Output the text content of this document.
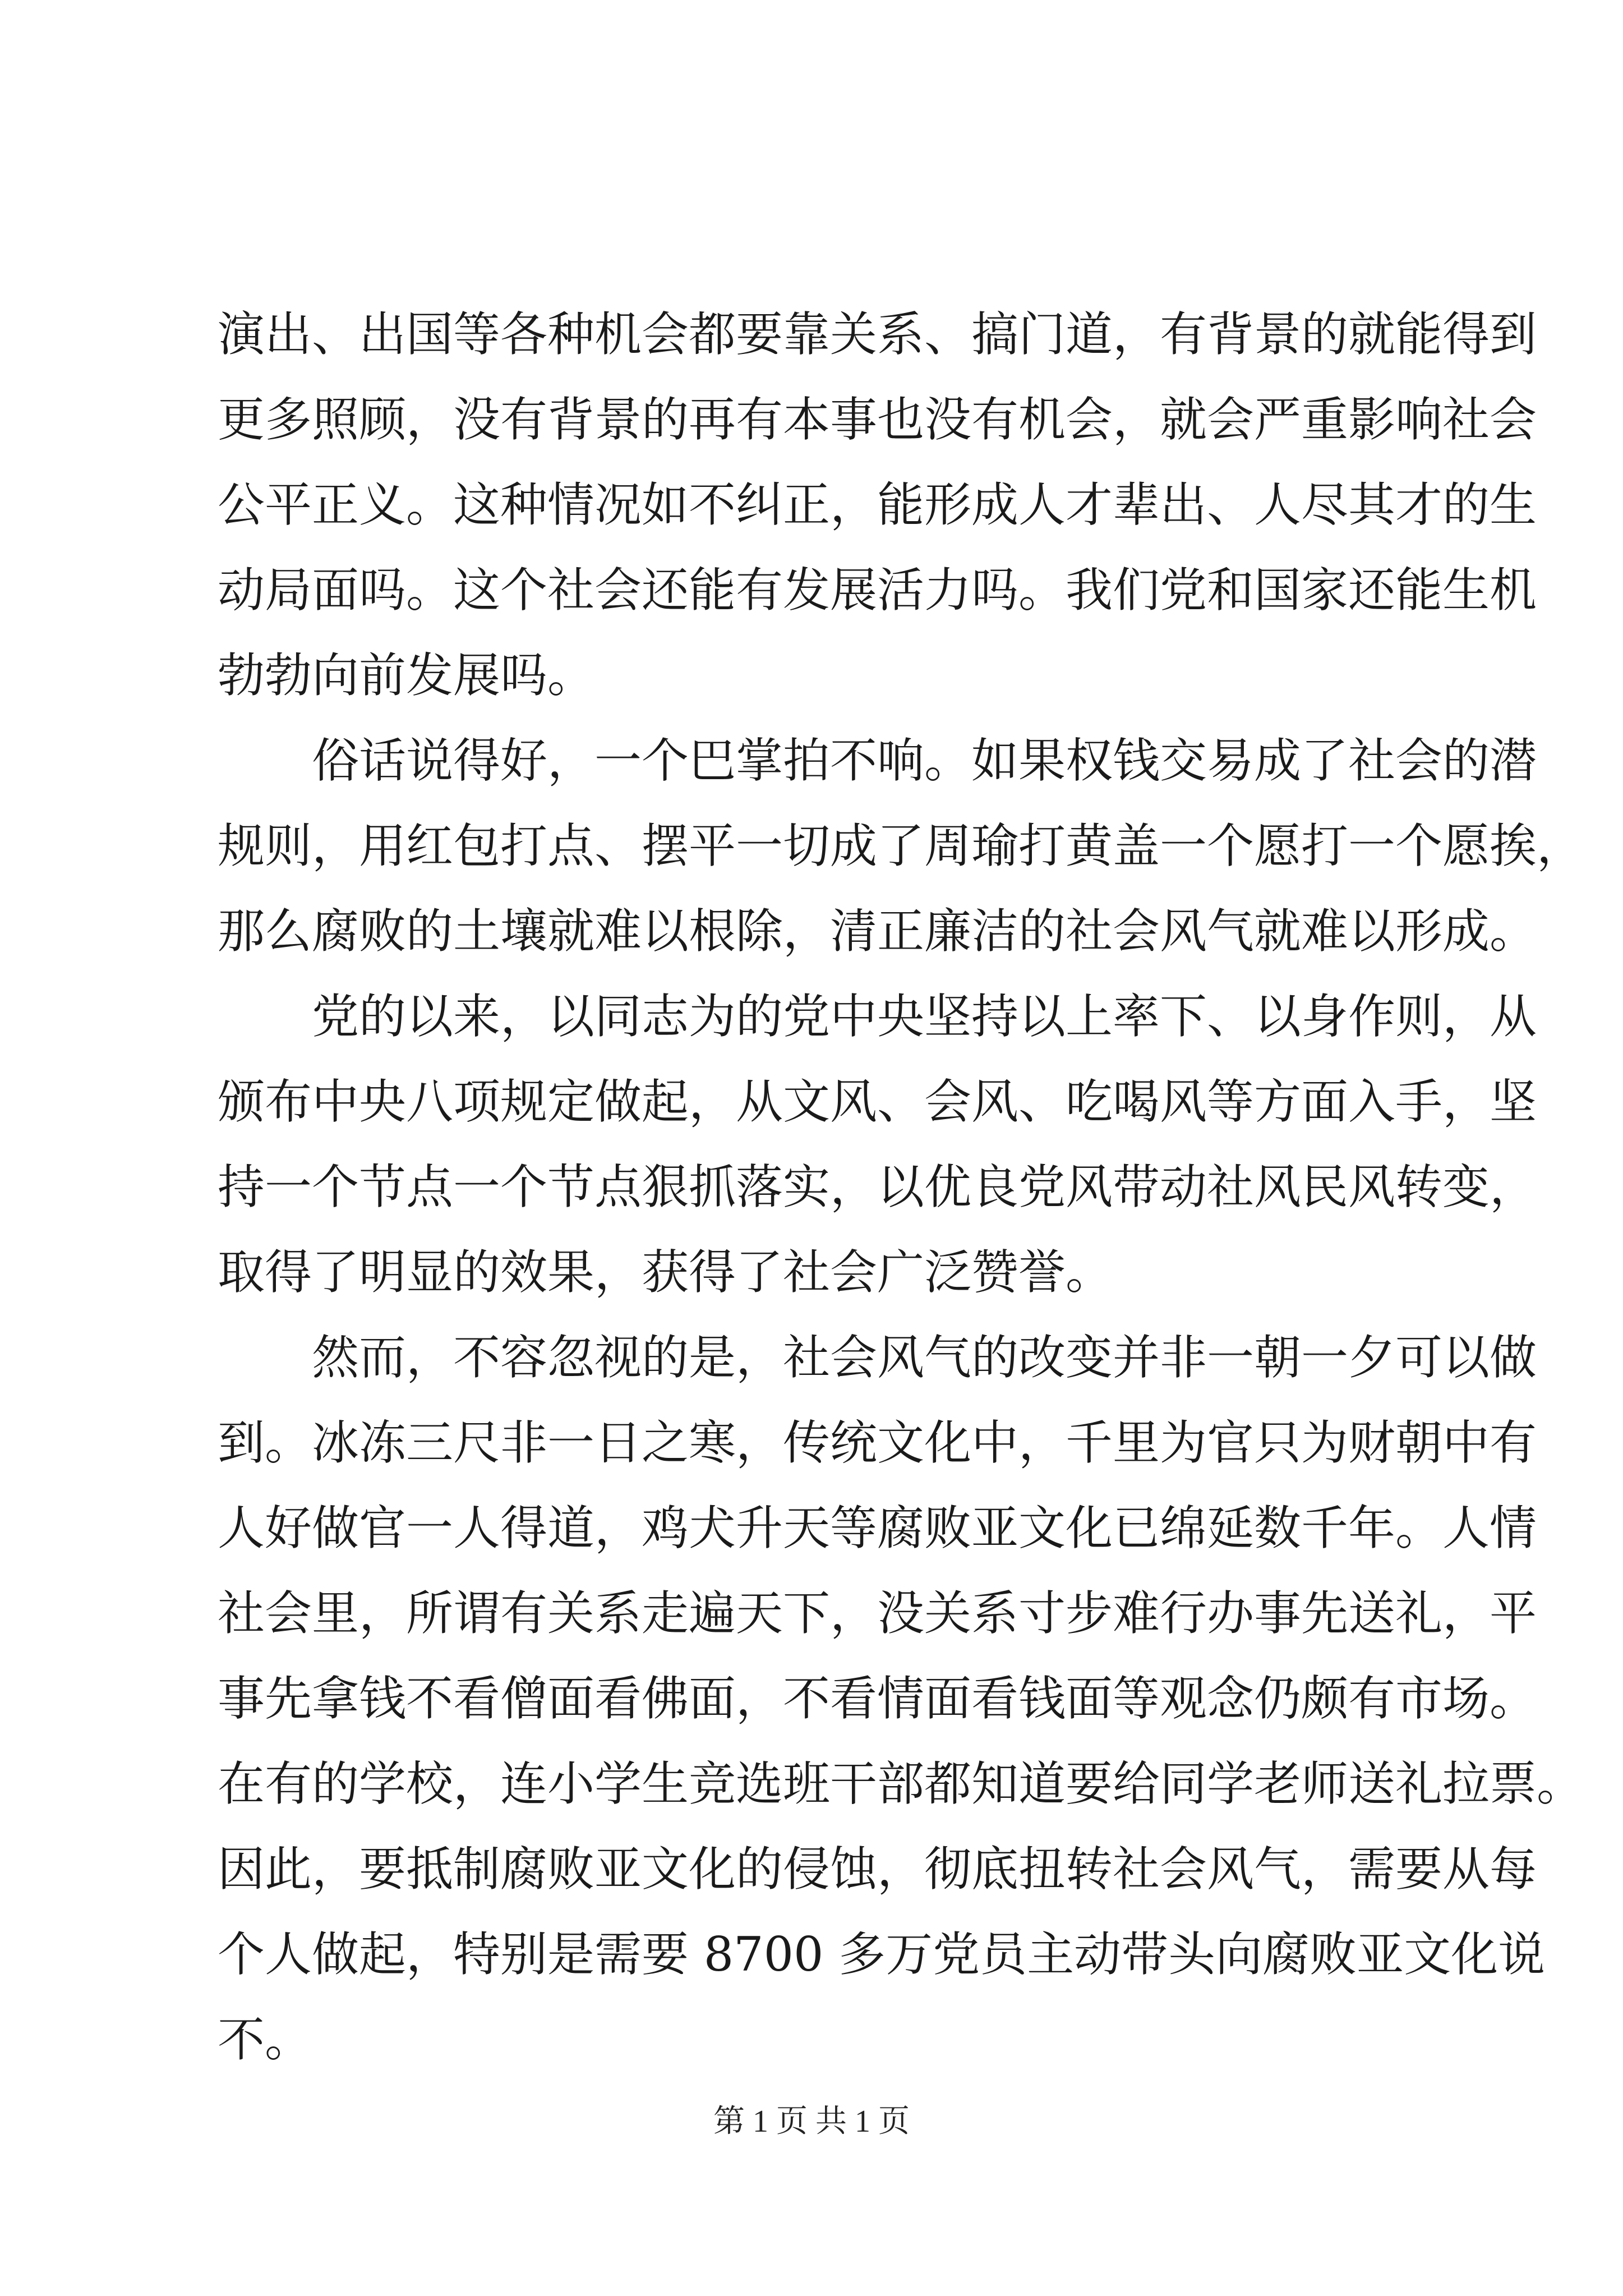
演出、出国等各种机会都要靠关系、搞门道，有背景的就能得到
更多照顾，没有背景的再有本事也没有机会，就会严重影响社会
公平正义。这种情况如不纠正，能形成人才辈出、人尽其才的生
动局面吗。这个社会还能有发展活力吗。我们党和国家还能生机
勃勃向前发展吗。
俗话说得好，一个巴掌拍不响。如果权钱交易成了社会的潜
规则，用红包打点、摆平一切成了周瑜打黄盖一个愿打一个愿挨，
那么腐败的土壤就难以根除，清正廉洁的社会风气就难以形成。
党的以来，以同志为的党中央坚持以上率下、以身作则，从
颁布中央八项规定做起，从文风、会风、吃喝风等方面入手，坚
持一个节点一个节点狠抓落实，以优良党风带动社风民风转变，
取得了明显的效果，获得了社会广泛赞誉。
然而，不容忽视的是，社会风气的改变并非一朝一夕可以做
到。冰冻三尺非一日之寒，传统文化中，千里为官只为财朝中有
人好做官一人得道，鸡犬升天等腐败亚文化已绵延数千年。人情
社会里，所谓有关系走遍天下，没关系寸步难行办事先送礼，平
事先拿钱不看僧面看佛面，不看情面看钱面等观念仍颇有市场。
在有的学校，连小学生竞选班干部都知道要给同学老师送礼拉票。
因此，要抵制腐败亚文化的侵蚀，彻底扭转社会风气，需要从每
个人做起，特别是需要 8700 多万党员主动带头向腐败亚文化说
不。
第 1 页 共 1 页
